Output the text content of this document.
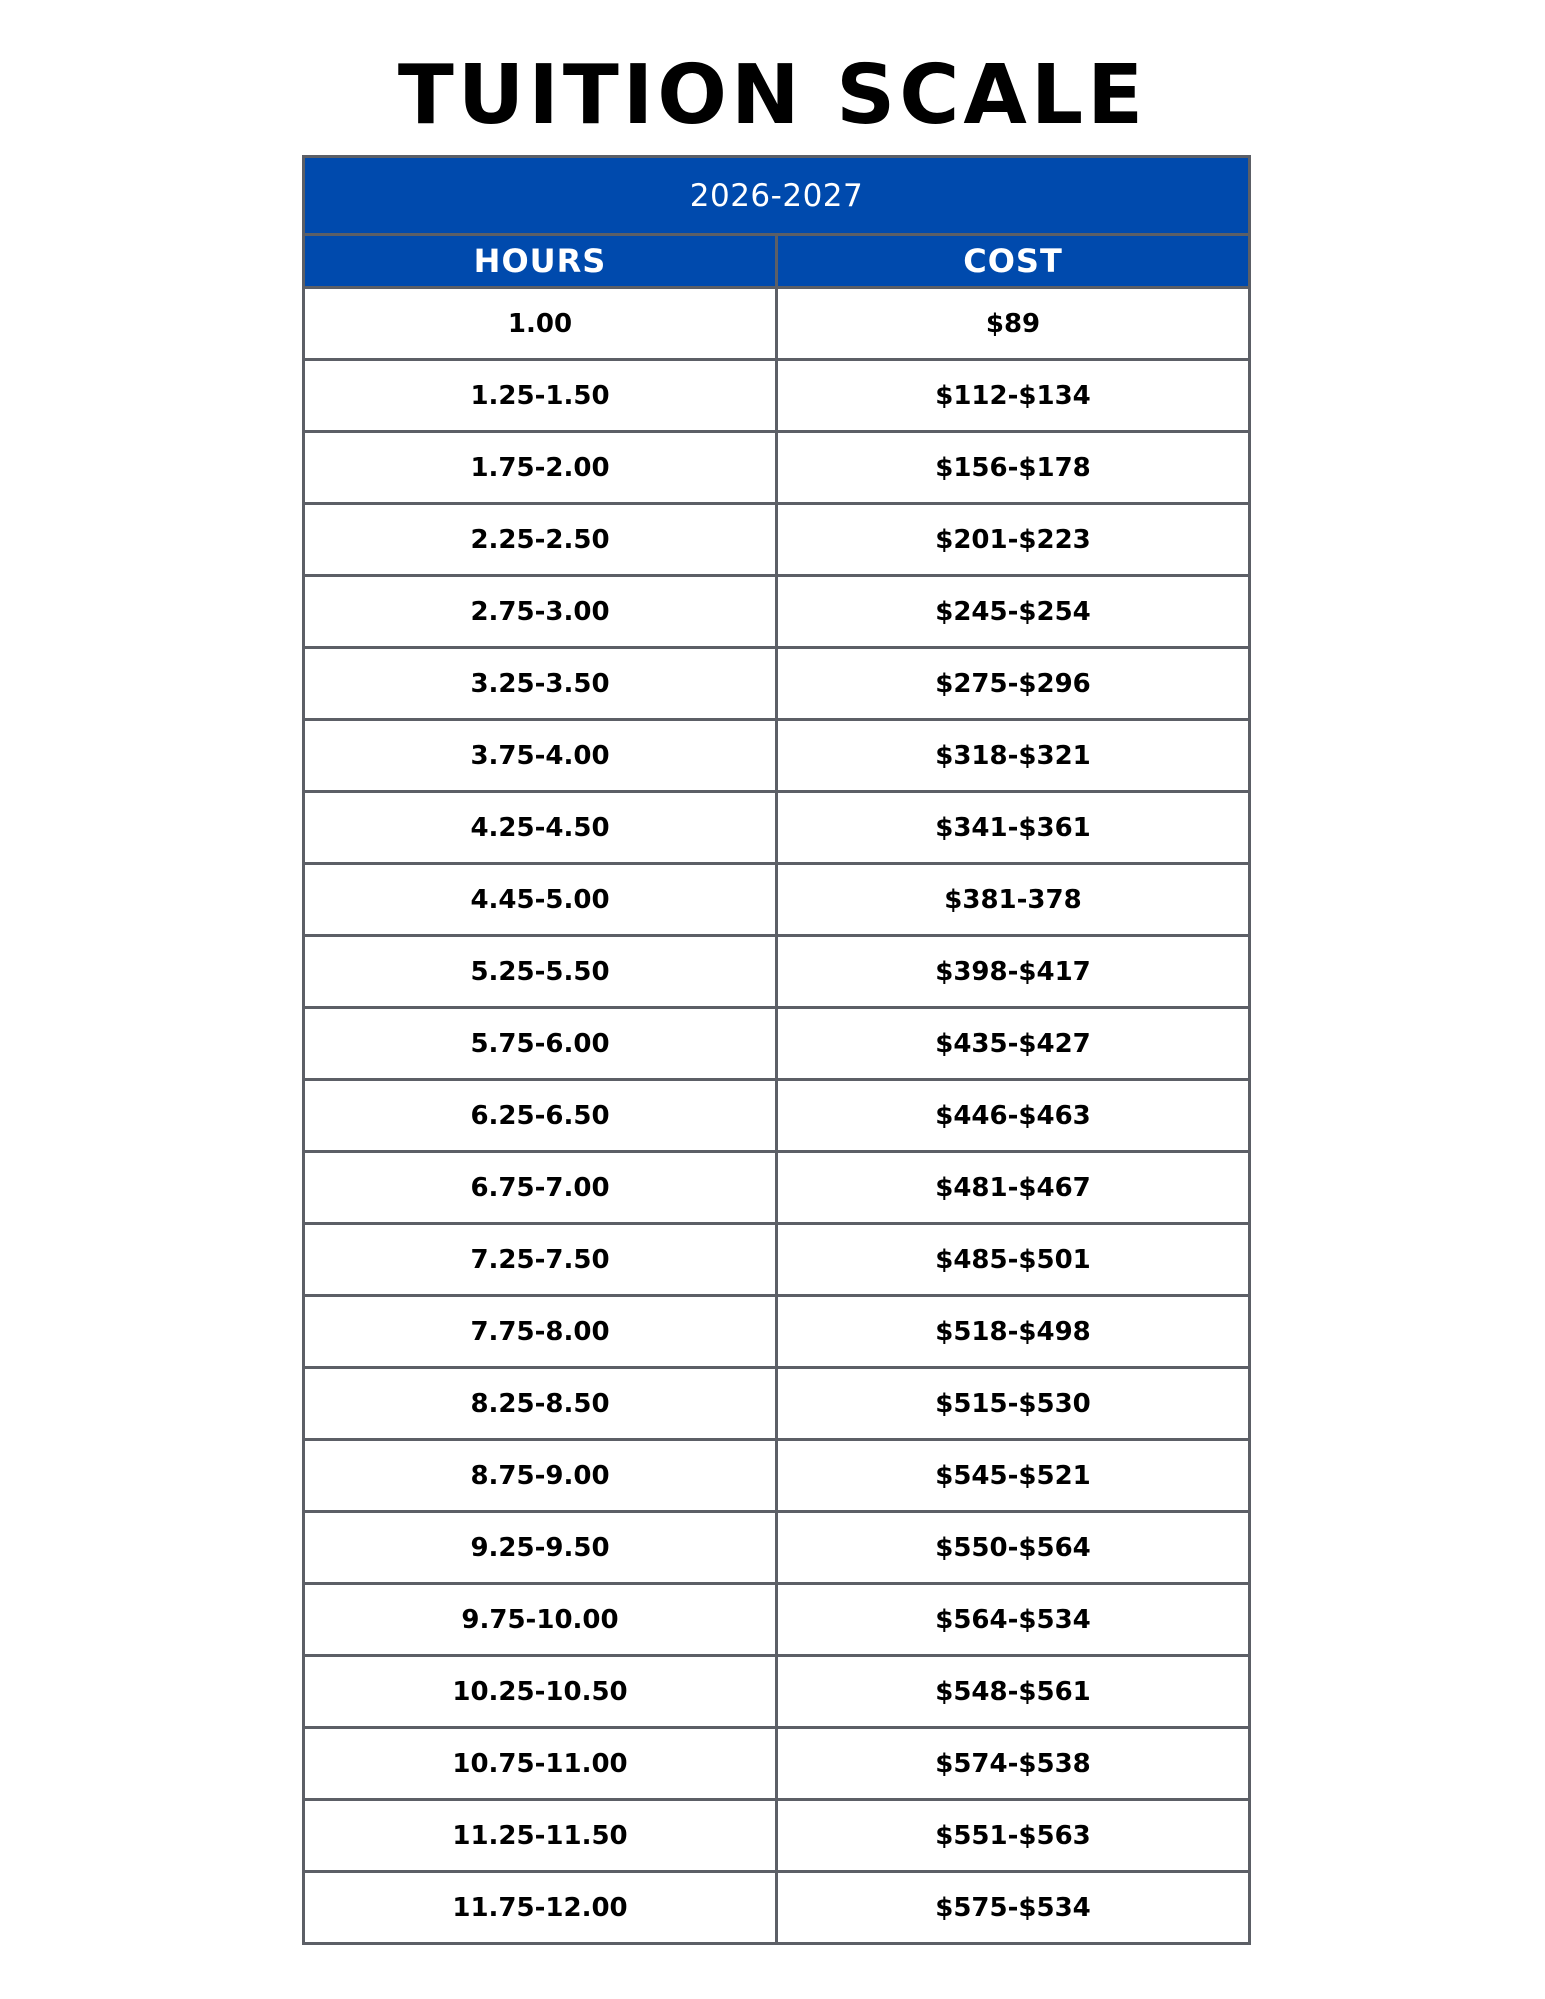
TUITION SCALE
2026-2027	
HOURS	COST
1.00	$89
1.25-1.50	$112-$134
1.75-2.00	$156-$178
2.25-2.50	$201-$223
2.75-3.00	$245-$254
3.25-3.50	$275-$296
3.75-4.00	$318-$321
4.25-4.50	$341-$361
4.45-5.00	$381-378
5.25-5.50	$398-$417
5.75-6.00	$435-$427
6.25-6.50	$446-$463
6.75-7.00	$481-$467
7.25-7.50	$485-$501
7.75-8.00	$518-$498
8.25-8.50	$515-$530
8.75-9.00	$545-$521
9.25-9.50	$550-$564
9.75-10.00	$564-$534
10.25-10.50	$548-$561
10.75-11.00	$574-$538
11.25-11.50	$551-$563
11.75-12.00	$575-$534
